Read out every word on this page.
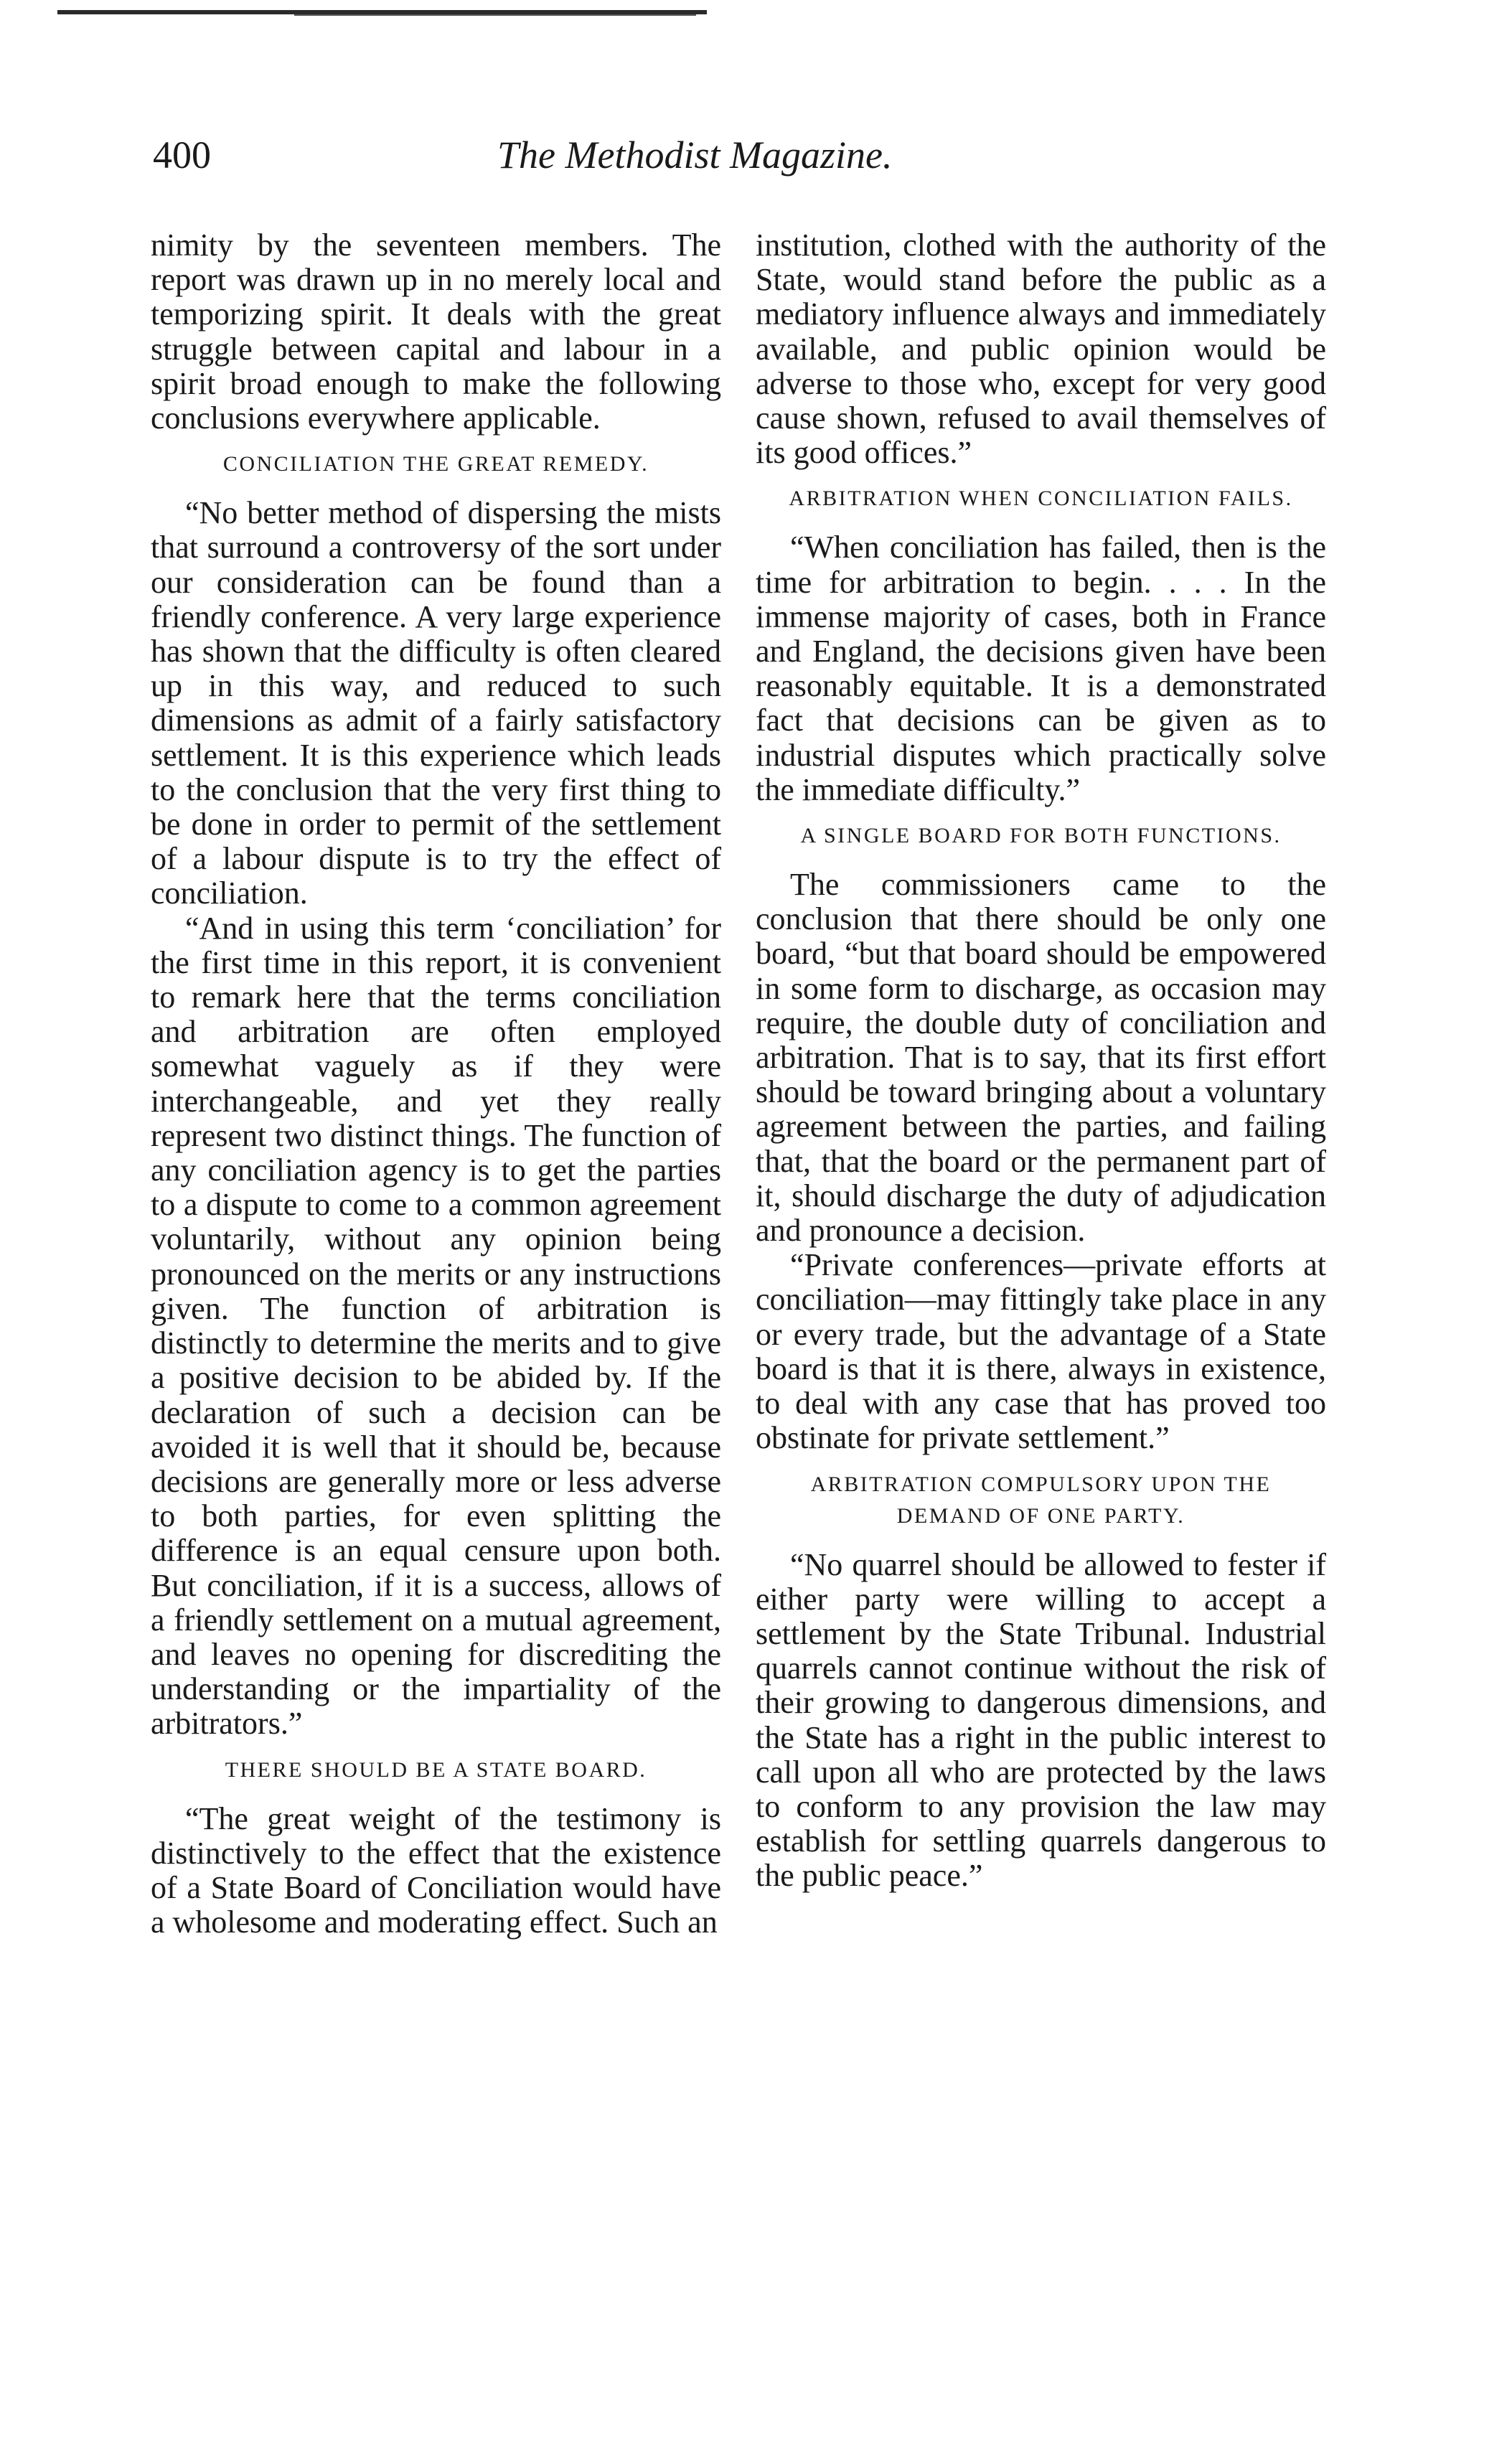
400	The Methodist Magazine.

nimity by the seventeen members. The report was drawn up in no merely local and temporizing spirit. It deals with the great struggle between capital and labour in a spirit broad enough to make the following conclusions everywhere applicable.

CONCILIATION THE GREAT REMEDY.

“No better method of dispersing the mists that surround a controversy of the sort under our consideration can be found than a friendly conference. A very large experience has shown that the difficulty is often cleared up in this way, and reduced to such dimensions as admit of a fairly satisfactory settlement. It is this experience which leads to the conclusion that the very first thing to be done in order to permit of the settlement of a labour dispute is to try the effect of conciliation.

“And in using this term ‘conciliation’ for the first time in this report, it is convenient to remark here that the terms conciliation and arbitration are often employed somewhat vaguely as if they were interchangeable, and yet they really represent two distinct things. The function of any conciliation agency is to get the parties to a dispute to come to a common agreement voluntarily, without any opinion being pronounced on the merits or any instructions given. The function of arbitration is distinctly to determine the merits and to give a positive decision to be abided by. If the declaration of such a decision can be avoided it is well that it should be, because decisions are generally more or less adverse to both parties, for even splitting the difference is an equal censure upon both. But conciliation, if it is a success, allows of a friendly settlement on a mutual agreement, and leaves no opening for discrediting the understanding or the impartiality of the arbitrators.”

THERE SHOULD BE A STATE BOARD.

“The great weight of the testimony is distinctively to the effect that the existence of a State Board of Conciliation would have a wholesome and moderating effect. Such an

institution, clothed with the authority of the State, would stand before the public as a mediatory influence always and immediately available, and public opinion would be adverse to those who, except for very good cause shown, refused to avail themselves of its good offices.”

ARBITRATION WHEN CONCILIATION FAILS.

“When conciliation has failed, then is the time for arbitration to begin. . . . In the immense majority of cases, both in France and England, the decisions given have been reasonably equitable. It is a demonstrated fact that decisions can be given as to industrial disputes which practically solve the immediate difficulty.”

A SINGLE BOARD FOR BOTH FUNCTIONS.

The commissioners came to the conclusion that there should be only one board, “but that board should be empowered in some form to discharge, as occasion may require, the double duty of conciliation and arbitration. That is to say, that its first effort should be toward bringing about a voluntary agreement between the parties, and failing that, that the board or the permanent part of it, should discharge the duty of adjudication and pronounce a decision.

“Private conferences—private efforts at conciliation—may fittingly take place in any or every trade, but the advantage of a State board is that it is there, always in existence, to deal with any case that has proved too obstinate for private settlement.”

ARBITRATION COMPULSORY UPON THE DEMAND OF ONE PARTY.

“No quarrel should be allowed to fester if either party were willing to accept a settlement by the State Tribunal. Industrial quarrels cannot continue without the risk of their growing to dangerous dimensions, and the State has a right in the public interest to call upon all who are protected by the laws to conform to any provision the law may establish for settling quarrels dangerous to the public peace.”
